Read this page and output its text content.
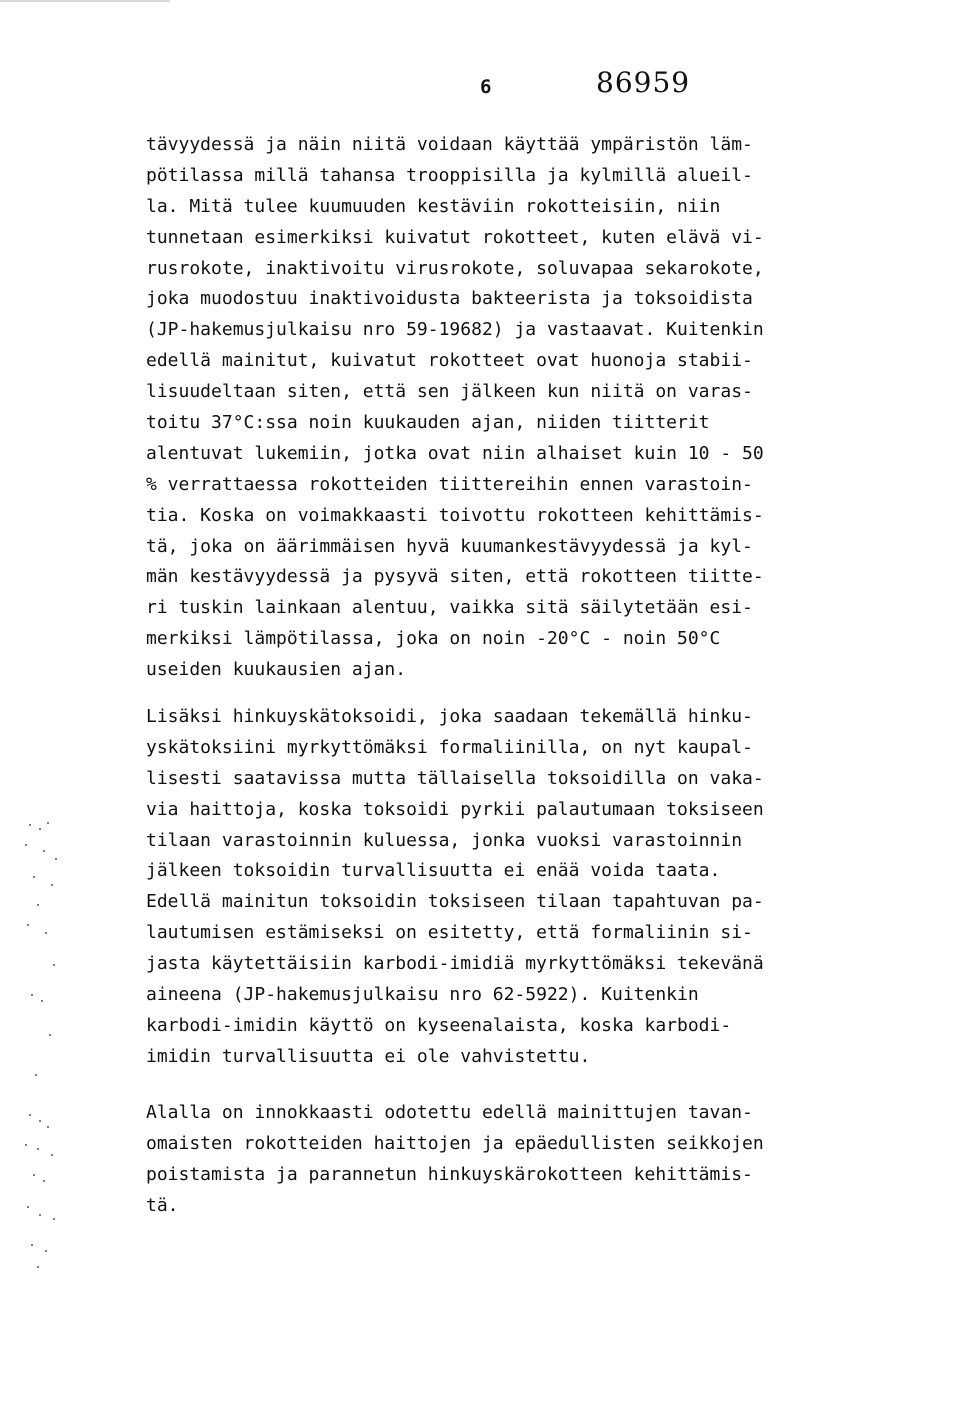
6	86959
tävyydessä ja näin niitä voidaan käyttää ympäristön läm-
pötilassa millä tahansa trooppisilla ja kylmillä alueil-
la. Mitä tulee kuumuuden kestäviin rokotteisiin, niin
tunnetaan esimerkiksi kuivatut rokotteet, kuten elävä vi-
rusrokote, inaktivoitu virusrokote, soluvapaa sekarokote,
joka muodostuu inaktivoidusta bakteerista ja toksoidista
(JP-hakemusjulkaisu nro 59-19682) ja vastaavat. Kuitenkin
edellä mainitut, kuivatut rokotteet ovat huonoja stabii-
lisuudeltaan siten, että sen jälkeen kun niitä on varas-
toitu 37°C:ssa noin kuukauden ajan, niiden tiitterit
alentuvat lukemiin, jotka ovat niin alhaiset kuin 10 - 50
% verrattaessa rokotteiden tiittereihin ennen varastoin-
tia. Koska on voimakkaasti toivottu rokotteen kehittämis-
tä, joka on äärimmäisen hyvä kuumankestävyydessä ja kyl-
män kestävyydessä ja pysyvä siten, että rokotteen tiitte-
ri tuskin lainkaan alentuu, vaikka sitä säilytetään esi-
merkiksi lämpötilassa, joka on noin -20°C - noin 50°C
useiden kuukausien ajan.
Lisäksi hinkuyskätoksoidi, joka saadaan tekemällä hinku-
yskätoksiini myrkyttömäksi formaliinilla, on nyt kaupal-
lisesti saatavissa mutta tällaisella toksoidilla on vaka-
via haittoja, koska toksoidi pyrkii palautumaan toksiseen
tilaan varastoinnin kuluessa, jonka vuoksi varastoinnin
jälkeen toksoidin turvallisuutta ei enää voida taata.
Edellä mainitun toksoidin toksiseen tilaan tapahtuvan pa-
lautumisen estämiseksi on esitetty, että formaliinin si-
jasta käytettäisiin karbodi-imidiä myrkyttömäksi tekevänä
aineena (JP-hakemusjulkaisu nro 62-5922). Kuitenkin
karbodi-imidin käyttö on kyseenalaista, koska karbodi-
imidin turvallisuutta ei ole vahvistettu.
Alalla on innokkaasti odotettu edellä mainittujen tavan-
omaisten rokotteiden haittojen ja epäedullisten seikkojen
poistamista ja parannetun hinkuyskärokotteen kehittämis-
tä.
